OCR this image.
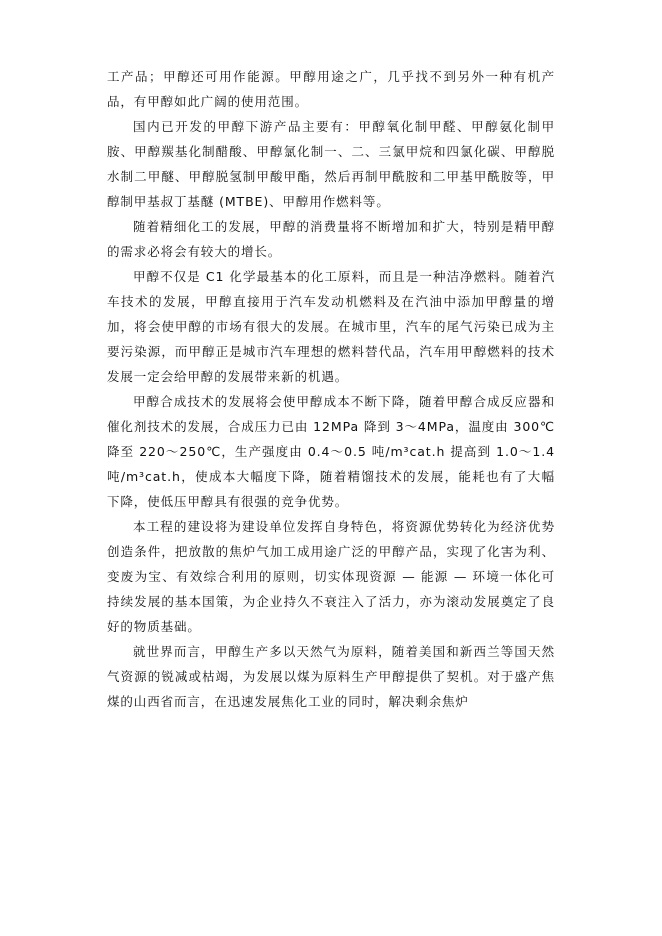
工产品；甲醇还可用作能源。甲醇用途之广，几乎找不到另外一种有机产品，有甲醇如此广阔的使用范围。

国内已开发的甲醇下游产品主要有：甲醇氧化制甲醛、甲醇氨化制甲胺、甲醇羰基化制醋酸、甲醇氯化制一、二、三氯甲烷和四氯化碳、甲醇脱水制二甲醚、甲醇脱氢制甲酸甲酯，然后再制甲酰胺和二甲基甲酰胺等，甲醇制甲基叔丁基醚 (MTBE)、甲醇用作燃料等。

随着精细化工的发展，甲醇的消费量将不断增加和扩大，特别是精甲醇的需求必将会有较大的增长。

甲醇不仅是 C1 化学最基本的化工原料，而且是一种洁净燃料。随着汽车技术的发展，甲醇直接用于汽车发动机燃料及在汽油中添加甲醇量的增加，将会使甲醇的市场有很大的发展。在城市里，汽车的尾气污染已成为主要污染源，而甲醇正是城市汽车理想的燃料替代品，汽车用甲醇燃料的技术发展一定会给甲醇的发展带来新的机遇。

甲醇合成技术的发展将会使甲醇成本不断下降，随着甲醇合成反应器和催化剂技术的发展，合成压力已由 12MPa 降到 3～4MPa，温度由 300℃降至 220～250℃，生产强度由 0.4～0.5 吨/m³cat.h 提高到 1.0～1.4 吨/m³cat.h，使成本大幅度下降，随着精馏技术的发展，能耗也有了大幅下降，使低压甲醇具有很强的竞争优势。

本工程的建设将为建设单位发挥自身特色，将资源优势转化为经济优势创造条件，把放散的焦炉气加工成用途广泛的甲醇产品，实现了化害为利、变废为宝、有效综合利用的原则，切实体现资源 — 能源 — 环境一体化可持续发展的基本国策，为企业持久不衰注入了活力，亦为滚动发展奠定了良好的物质基础。

就世界而言，甲醇生产多以天然气为原料，随着美国和新西兰等国天然气资源的锐减或枯竭，为发展以煤为原料生产甲醇提供了契机。对于盛产焦煤的山西省而言，在迅速发展焦化工业的同时，解决剩余焦炉
